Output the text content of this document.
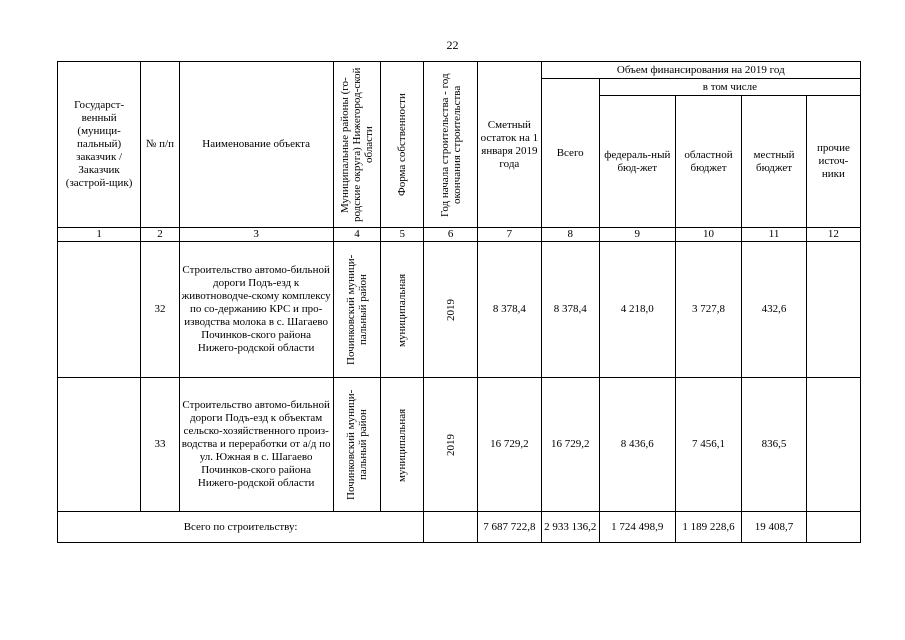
22
Государст-венный (муници-пальный) заказчик / Заказчик (застрой-щик)	№ п/п	Наименование объекта	Муниципальные районы (го-родские округа) Нижегород-ской области	Форма собственности	Год начала строительства - год окончания строительства	Сметный остаток на 1 января 2019 года	Объем финансирования на 2019 год				
							Всего	в том числе			
								федераль-ный бюд-жет	областной бюджет	местный бюджет	прочие источ-ники
1	2	3	4	5	6	7	8	9	10	11	12
	32	Строительство автомо-бильной дороги Подъ-езд к животноводче-скому комплексу по со-держанию КРС и про-изводства молока в с. Шагаево Починков-ского района Нижего-родской области	Починковский муници-пальный район	муниципальная	2019	8 378,4	8 378,4	4 218,0	3 727,8	432,6	
	33	Строительство автомо-бильной дороги Подъ-езд к объектам сельско-хозяйственного произ-водства и переработки от а/д по ул. Южная в с. Шагаево Починков-ского района Нижего-родской области	Починковский муници-пальный район	муниципальная	2019	16 729,2	16 729,2	8 436,6	7 456,1	836,5	
Всего по строительству:						7 687 722,8	2 933 136,2	1 724 498,9	1 189 228,6	19 408,7	
